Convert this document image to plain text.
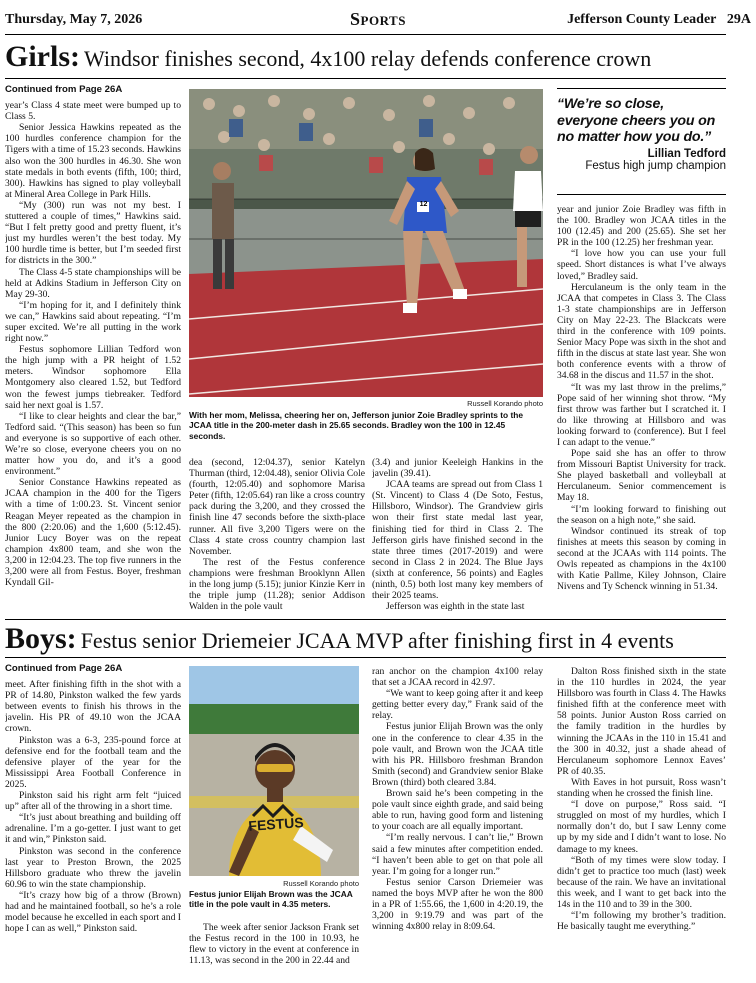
Thursday, May 7, 2026	Sports	Jefferson County Leader 29A
Girls: Windsor finishes second, 4x100 relay defends conference crown

Continued from Page 26A

year’s Class 4 state meet were bumped up to Class 5.

Senior Jessica Hawkins repeated as the 100 hurdles conference champion for the Tigers with a time of 15.23 seconds. Hawkins also won the 300 hurdles in 46.30. She won state medals in both events (fifth, 100; third, 300). Hawkins has signed to play volleyball at Mineral Area College in Park Hills.

“My (300) run was not my best. I stuttered a couple of times,” Hawkins said. “But I felt pretty good and pretty fluent, it’s just my hurdles weren’t the best today. My 100 hurdle time is better, but I’m seeded first for districts in the 300.”

The Class 4-5 state championships will be held at Adkins Stadium in Jefferson City on May 29-30.

“I’m hoping for it, and I definitely think we can,” Hawkins said about repeating. “I’m super excited. We’re all putting in the work right now.”

Festus sophomore Lillian Tedford won the high jump with a PR height of 1.52 meters. Windsor sophomore Ella Montgomery also cleared 1.52, but Tedford won the fewest jumps tiebreaker. Tedford said her next goal is 1.57.

“I like to clear heights and clear the bar,” Tedford said. “(This season) has been so fun and everyone is so supportive of each other. We’re so close, everyone cheers you on no matter how you do, and it’s a good environment.”

Senior Constance Hawkins repeated as JCAA champion in the 400 for the Tigers with a time of 1:00.23. St. Vincent senior Reagan Meyer repeated as the champion in the 800 (2:20.06) and the 1,600 (5:12.45). Junior Lucy Boyer was on the repeat champion 4x800 team, and she won the 3,200 in 12:04.23. The top five runners in the 3,200 were all from Festus. Boyer, freshman Kyndall Gil-

12
Russell Korando photo
With her mom, Melissa, cheering her on, Jefferson junior Zoie Bradley sprints to the JCAA title in the 200-meter dash in 25.65 seconds. Bradley won the 100 in 12.45 seconds.

dea (second, 12:04.37), senior Katelyn Thurman (third, 12:04.48), senior Olivia Cole (fourth, 12:05.40) and sophomore Marisa Peter (fifth, 12:05.64) ran like a cross country pack during the 3,200, and they crossed the finish line 47 seconds before the sixth-place runner. All five 3,200 Tigers were on the Class 4 state cross country champion last November.

The rest of the Festus conference champions were freshman Brooklynn Allen in the long jump (5.15); junior Kinzie Kerr in the triple jump (11.28); senior Addison Walden in the pole vault

(3.4) and junior Keeleigh Hankins in the javelin (39.41).

JCAA teams are spread out from Class 1 (St. Vincent) to Class 4 (De Soto, Festus, Hillsboro, Windsor). The Grandview girls won their first state medal last year, finishing tied for third in Class 2. The Jefferson girls have finished second in the state three times (2017-2019) and were second in Class 2 in 2024. The Blue Jays (sixth at conference, 56 points) and Eagles (ninth, 0.5) both lost many key members of their 2025 teams.

Jefferson was eighth in the state last

“We’re so close, everyone cheers you on no matter how you do.”
Lillian Tedford
Festus high jump champion

year and junior Zoie Bradley was fifth in the 100. Bradley won JCAA titles in the 100 (12.45) and 200 (25.65). She set her PR in the 100 (12.25) her freshman year.

“I love how you can use your full speed. Short distances is what I’ve always loved,” Bradley said.

Herculaneum is the only team in the JCAA that competes in Class 3. The Class 1-3 state championships are in Jefferson City on May 22-23. The Blackcats were third in the conference with 109 points. Senior Macy Pope was sixth in the shot and fifth in the discus at state last year. She won both conference events with a throw of 34.68 in the discus and 11.57 in the shot.

“It was my last throw in the prelims,” Pope said of her winning shot throw. “My first throw was farther but I scratched it. I do like throwing at Hillsboro and was looking forward to (conference). But I feel I can adapt to the venue.”

Pope said she has an offer to throw from Missouri Baptist University for track. She played basketball and volleyball at Herculaneum. Senior commencement is May 18.

“I’m looking forward to finishing out the season on a high note,” she said.

Windsor continued its streak of top finishes at meets this season by coming in second at the JCAAs with 114 points. The Owls repeated as champions in the 4x100 with Katie Pallme, Kiley Johnson, Claire Nivens and Ty Schenck winning in 51.34.

Boys: Festus senior Driemeier JCAA MVP after finishing first in 4 events

Continued from Page 26A

meet. After finishing fifth in the shot with a PR of 14.80, Pinkston walked the few yards between events to finish his throws in the javelin. His PR of 49.10 won the JCAA crown.

Pinkston was a 6-3, 235-pound force at defensive end for the football team and the defensive player of the year for the Mississippi Area Football Conference in 2025.

Pinkston said his right arm felt “juiced up” after all of the throwing in a short time.

“It’s just about breathing and building off adrenaline. I’m a go-getter. I just want to get it and win,” Pinkston said.

Pinkston was second in the conference last year to Preston Brown, the 2025 Hillsboro graduate who threw the javelin 60.96 to win the state championship.

“It’s crazy how big of a throw (Brown) had and he maintained football, so he’s a role model because he excelled in each sport and I hope I can as well,” Pinkston said.

FESTUS
Russell Korando photo
Festus junior Elijah Brown was the JCAA title in the pole vault in 4.35 meters.

The week after senior Jackson Frank set the Festus record in the 100 in 10.93, he flew to victory in the event at conference in 11.13, was second in the 200 in 22.44 and

ran anchor on the champion 4x100 relay that set a JCAA record in 42.97.

“We want to keep going after it and keep getting better every day,” Frank said of the relay.

Festus junior Elijah Brown was the only one in the conference to clear 4.35 in the pole vault, and Brown won the JCAA title with his PR. Hillsboro freshman Brandon Smith (second) and Grandview senior Blake Brown (third) both cleared 3.84.

Brown said he’s been competing in the pole vault since eighth grade, and said being able to run, having good form and listening to your coach are all equally important.

“I’m really nervous. I can’t lie,” Brown said a few minutes after competition ended. “I haven’t been able to get on that pole all year. I’m going for a longer run.”

Festus senior Carson Driemeier was named the boys MVP after he won the 800 in a PR of 1:55.66, the 1,600 in 4:20.19, the 3,200 in 9:19.79 and was part of the winning 4x800 relay in 8:09.64.

Dalton Ross finished sixth in the state in the 110 hurdles in 2024, the year Hillsboro was fourth in Class 4. The Hawks finished fifth at the conference meet with 58 points. Junior Auston Ross carried on the family tradition in the hurdles by winning the JCAAs in the 110 in 15.41 and the 300 in 40.32, just a shade ahead of Herculaneum sophomore Lennox Eaves’ PR of 40.35.

With Eaves in hot pursuit, Ross wasn’t standing when he crossed the finish line.

“I dove on purpose,” Ross said. “I struggled on most of my hurdles, which I normally don’t do, but I saw Lenny come up by my side and I didn’t want to lose. No damage to my knees.

“Both of my times were slow today. I didn’t get to practice too much (last) week because of the rain. We have an invitational this week, and I want to get back into the 14s in the 110 and to 39 in the 300.

“I’m following my brother’s tradition. He basically taught me everything.”
